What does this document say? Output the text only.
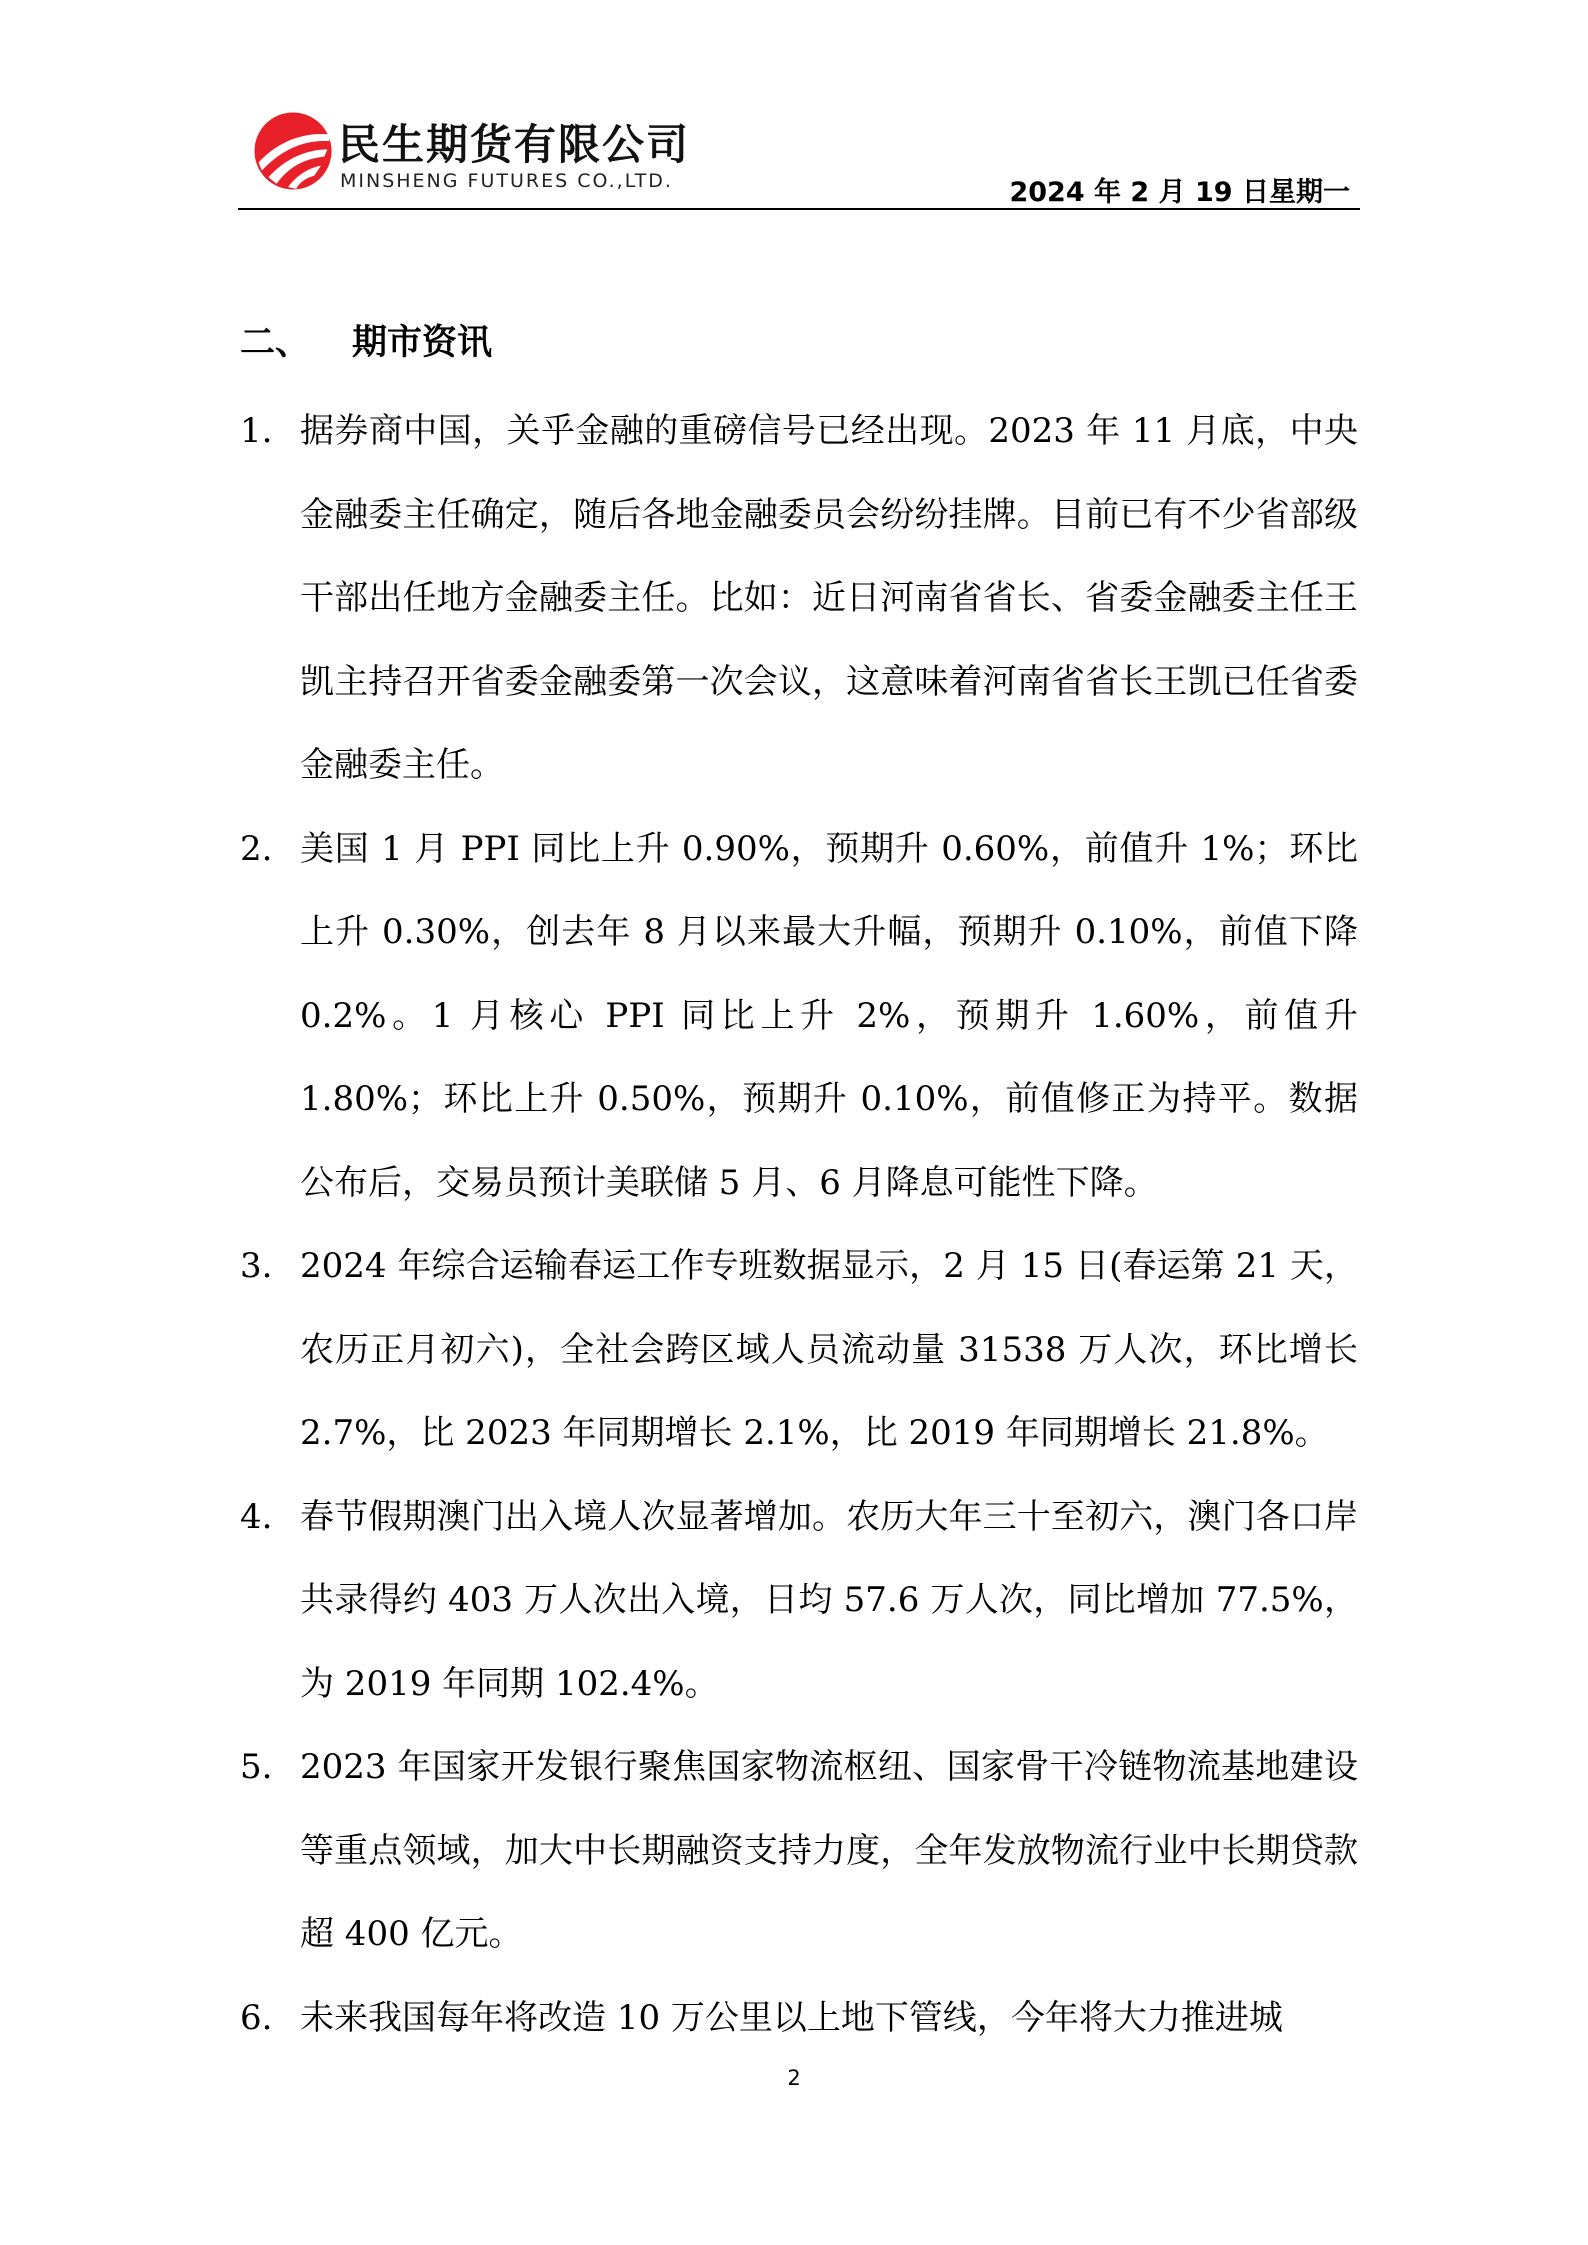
民生期货有限公司
MINSHENG FUTURES CO.,LTD.	2024 年 2 月 19 日星期一
二、 期市资讯

1. 据券商中国，关乎金融的重磅信号已经出现。2023 年 11 月底，中央金融委主任确定，随后各地金融委员会纷纷挂牌。目前已有不少省部级干部出任地方金融委主任。比如：近日河南省省长、省委金融委主任王凯主持召开省委金融委第一次会议，这意味着河南省省长王凯已任省委金融委主任。

2. 美国 1 月 PPI 同比上升 0.90%，预期升 0.60%，前值升 1%；环比上升 0.30%，创去年 8 月以来最大升幅，预期升 0.10%，前值下降 0.2%。1 月核心 PPI 同比上升 2%，预期升 1.60%，前值升 1.80%；环比上升 0.50%，预期升 0.10%，前值修正为持平。数据公布后，交易员预计美联储 5 月、6 月降息可能性下降。

3. 2024 年综合运输春运工作专班数据显示，2 月 15 日(春运第 21 天，农历正月初六)，全社会跨区域人员流动量 31538 万人次，环比增长 2.7%，比 2023 年同期增长 2.1%，比 2019 年同期增长 21.8%。

4. 春节假期澳门出入境人次显著增加。农历大年三十至初六，澳门各口岸共录得约 403 万人次出入境，日均 57.6 万人次，同比增加 77.5%，为 2019 年同期 102.4%。

5. 2023 年国家开发银行聚焦国家物流枢纽、国家骨干冷链物流基地建设等重点领域，加大中长期融资支持力度，全年发放物流行业中长期贷款超 400 亿元。

6. 未来我国每年将改造 10 万公里以上地下管线，今年将大力推进城

2
